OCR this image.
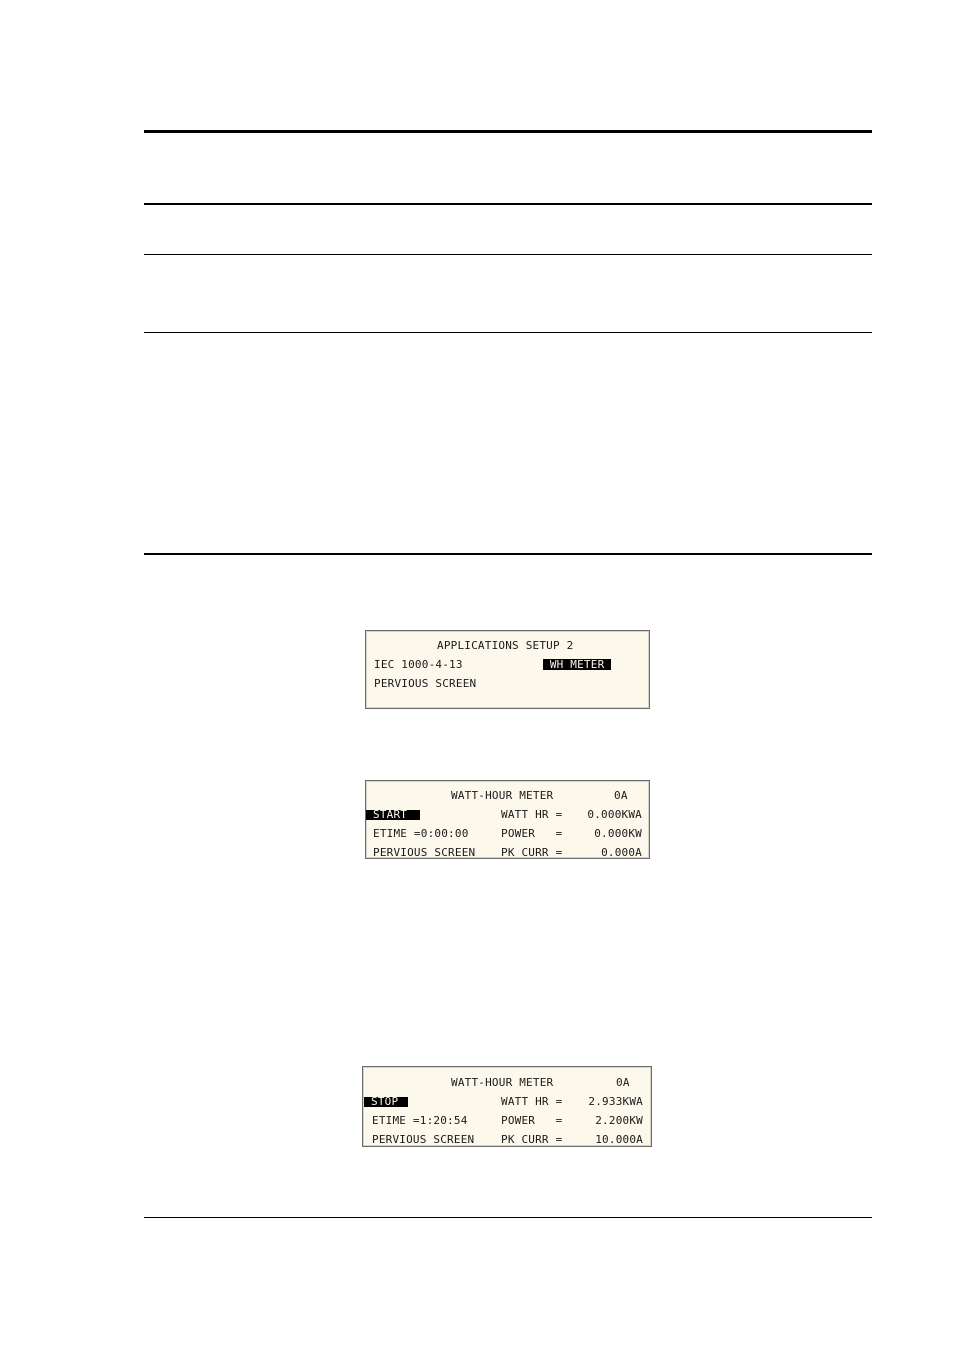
APPLICATIONS SETUP 2
IEC 1000-4-13	WH METER
PERVIOUS SCREEN
WATT-HOUR METER	0A
START
ETIME =0:00:00
PERVIOUS SCREEN
WATT HR = 0.000KWA
POWER   =	0.000KW
PK CURR =	0.000A
WATT-HOUR METER	0A
STOP
ETIME =1:20:54
PERVIOUS SCREEN
WATT HR = 2.933KWA
POWER   =	2.200KW
PK CURR =	10.000A
